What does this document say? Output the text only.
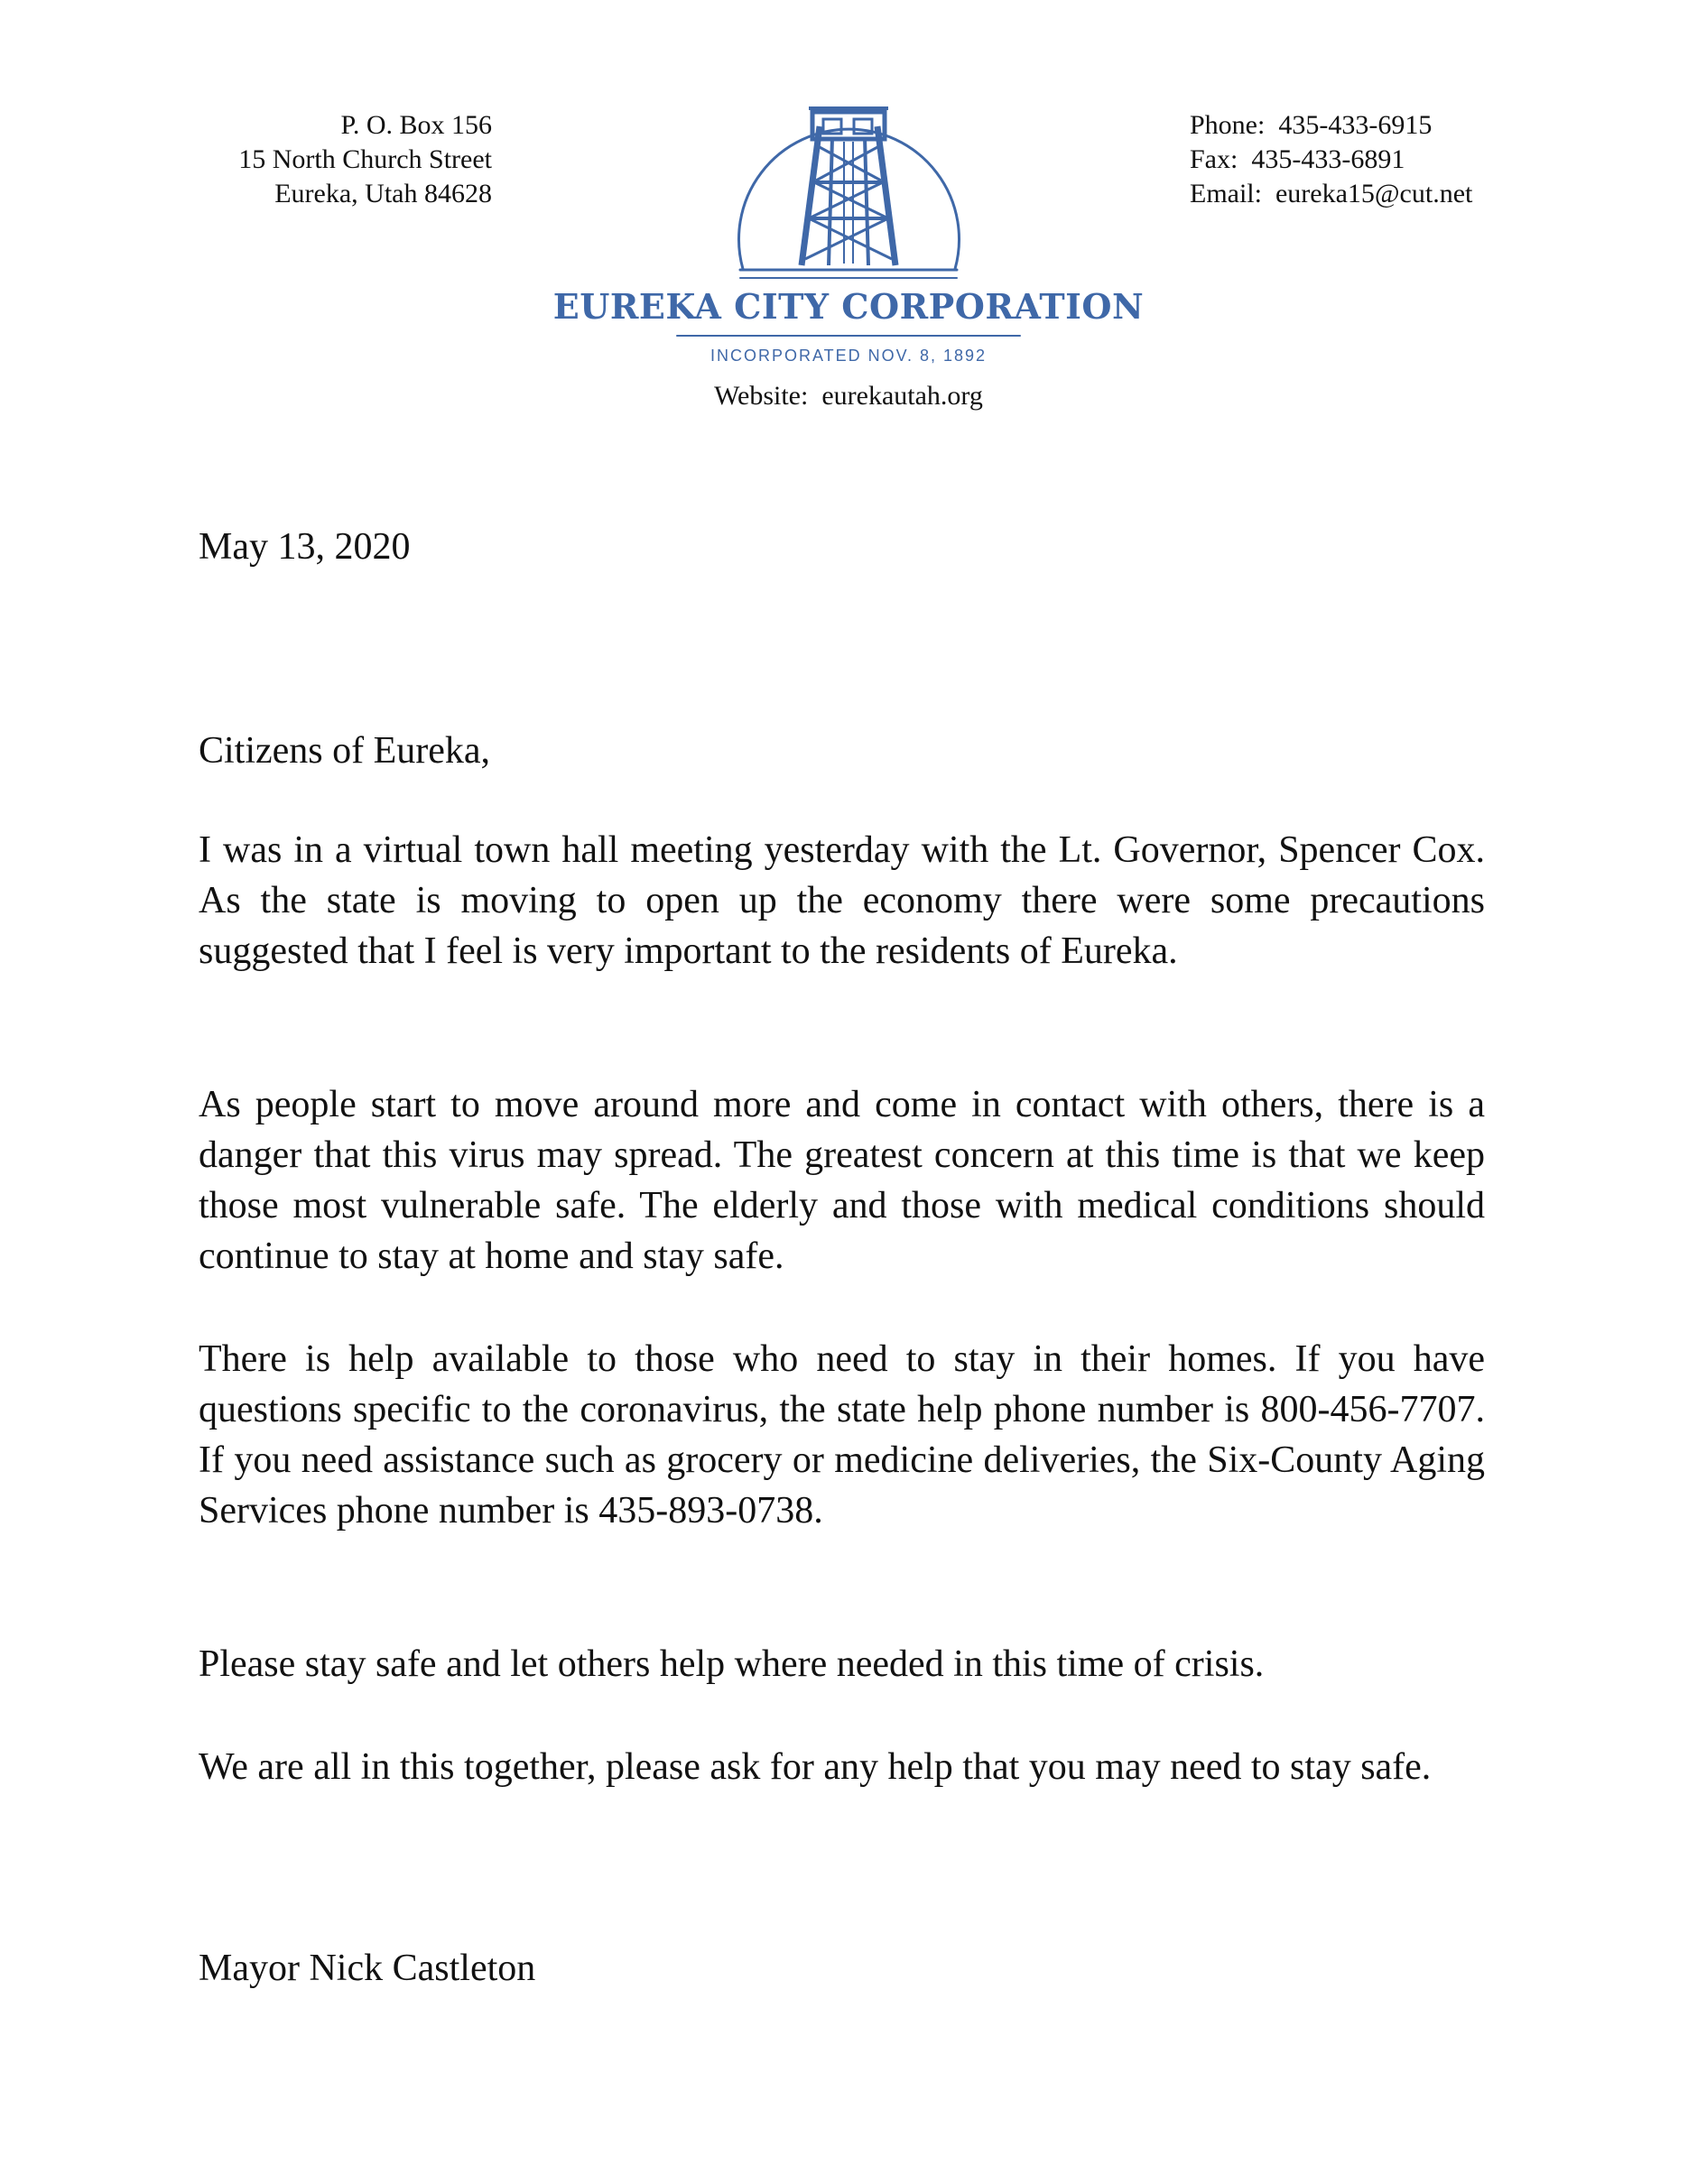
P. O. Box 156
15 North Church Street
Eureka, Utah 84628
Phone: 435-433-6915
Fax: 435-433-6891
Email: eureka15@cut.net
EUREKA CITY CORPORATION
INCORPORATED NOV. 8, 1892
Website: eurekautah.org
May 13, 2020
Citizens of Eureka,
I was in a virtual town hall meeting yesterday with the Lt. Governor, Spencer Cox. As the state is moving to open up the economy there were some precautions suggested that I feel is very important to the residents of Eureka.
As people start to move around more and come in contact with others, there is a danger that this virus may spread. The greatest concern at this time is that we keep those most vulnerable safe. The elderly and those with medical conditions should continue to stay at home and stay safe.
There is help available to those who need to stay in their homes. If you have questions specific to the coronavirus, the state help phone number is 800-456-7707. If you need assistance such as grocery or medicine deliveries, the Six-County Aging Services phone number is 435-893-0738.
Please stay safe and let others help where needed in this time of crisis.
We are all in this together, please ask for any help that you may need to stay safe.
Mayor Nick Castleton
